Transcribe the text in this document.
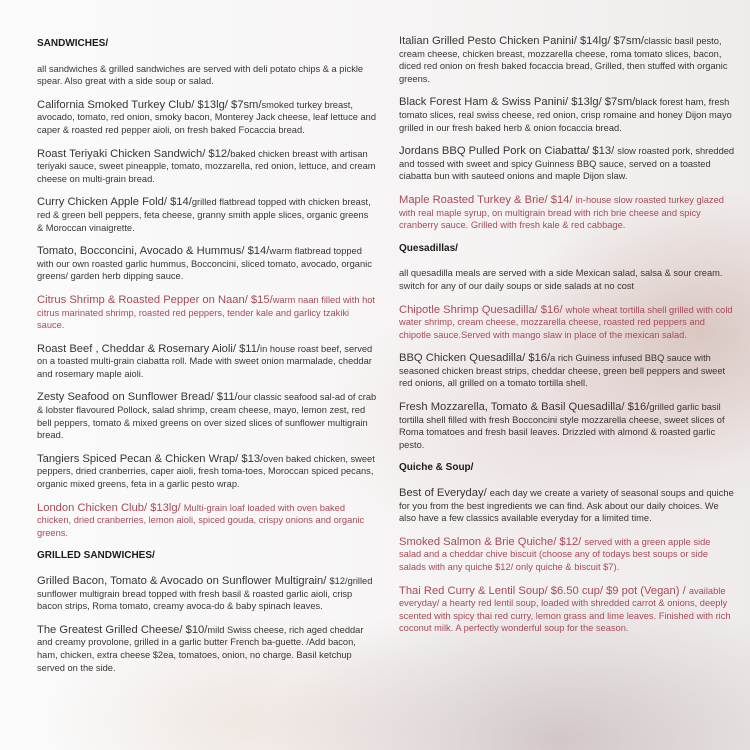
SANDWICHES/
all sandwiches & grilled sandwiches are served with deli potato chips & a pickle spear. Also great with a side soup or salad.
California Smoked Turkey Club/ $13lg/ $7sm/smoked turkey breast, avocado, tomato, red onion, smoky bacon, Monterey Jack cheese, leaf lettuce and caper & roasted red pepper aioli, on fresh baked Focaccia bread.
Roast Teriyaki Chicken Sandwich/ $12/baked chicken breast with artisan teriyaki sauce, sweet pineapple, tomato, mozzarella, red onion, lettuce, and cream cheese on multi-grain bread.
Curry Chicken Apple Fold/ $14/grilled flatbread topped with chicken breast, red & green bell peppers, feta cheese, granny smith apple slices, organic greens & Moroccan vinaigrette.
Tomato, Bocconcini, Avocado & Hummus/ $14/warm flatbread topped with our own roasted garlic hummus, Bocconcini, sliced tomato, avocado, organic greens/ garden herb dipping sauce.
Citrus Shrimp & Roasted Pepper on Naan/ $15/warm naan filled with hot citrus marinated shrimp, roasted red peppers, tender kale and garlicy tzakiki sauce.
Roast Beef , Cheddar & Rosemary Aioli/ $11/in house roast beef, served on a toasted multi-grain ciabatta roll. Made with sweet onion marmalade, cheddar and rosemary maple aioli.
Zesty Seafood on Sunflower Bread/ $11/our classic seafood sal-ad of crab & lobster flavoured Pollock, salad shrimp, cream cheese, mayo, lemon zest, red bell peppers, tomato & mixed greens on over sized slices of sunflower multigrain bread.
Tangiers Spiced Pecan & Chicken Wrap/ $13/oven baked chicken, sweet peppers, dried cranberries, caper aioli, fresh toma-toes, Moroccan spiced pecans, organic mixed greens, feta in a garlic pesto wrap.
London Chicken Club/ $13lg/ Multi-grain loaf loaded with oven baked chicken, dried cranberries, lemon aioli, spiced gouda, crispy onions and organic greens.
GRILLED SANDWICHES/
Grilled Bacon, Tomato & Avocado on Sunflower Multigrain/ $12/grilled sunflower multigrain bread topped with fresh basil & roasted garlic aioli, crisp bacon strips, Roma tomato, creamy avoca-do & baby spinach leaves.
The Greatest Grilled Cheese/ $10/mild Swiss cheese, rich aged cheddar and creamy provolone, grilled in a garlic butter French ba-guette. /Add bacon, ham, chicken, extra cheese $2ea, tomatoes, onion, no charge. Basil ketchup served on the side.
Italian Grilled Pesto Chicken Panini/ $14lg/ $7sm/classic basil pesto, cream cheese, chicken breast, mozzarella cheese, roma tomato slices, bacon, diced red onion on fresh baked focaccia bread, Grilled, then stuffed with organic greens.
Black Forest Ham & Swiss Panini/ $13lg/ $7sm/black forest ham, fresh tomato slices, real swiss cheese, red onion, crisp romaine and honey Dijon mayo grilled in our fresh baked herb & onion focaccia bread.
Jordans BBQ Pulled Pork on Ciabatta/ $13/ slow roasted pork, shredded and tossed with sweet and spicy Guinness BBQ sauce, served on a toasted ciabatta bun with sauteed onions and maple Dijon slaw.
Maple Roasted Turkey & Brie/ $14/ in-house slow roasted turkey glazed with real maple syrup, on multigrain bread with rich brie cheese and spicy cranberry sauce. Grilled with fresh kale & red cabbage.
Quesadillas/
all quesadilla meals are served with a side Mexican salad, salsa & sour cream. switch for any of our daily soups or side salads at no cost
Chipotle Shrimp Quesadilla/ $16/ whole wheat tortilla shell grilled with cold water shrimp, cream cheese, mozzarella cheese, roasted red peppers and chipotle sauce.Served with mango slaw in place of the mexican salad.
BBQ Chicken Quesadilla/ $16/a rich Guiness infused BBQ sauce with seasoned chicken breast strips, cheddar cheese, green bell peppers and sweet red onions, all grilled on a tomato tortilla shell.
Fresh Mozzarella, Tomato & Basil Quesadilla/ $16/grilled garlic basil tortilla shell filled with fresh Bocconcini style mozzarella cheese, sweet slices of Roma tomatoes and fresh basil leaves. Drizzled with almond & roasted garlic pesto.
Quiche & Soup/
Best of Everyday/ each day we create a variety of seasonal soups and quiche for you from the best ingredients we can find. Ask about our daily choices. We also have a few classics available everyday for a limited time.
Smoked Salmon & Brie Quiche/ $12/ served with a green apple side salad and a cheddar chive biscuit (choose any of todays best soups or side salads with any quiche $12/ only quiche & biscuit $7).
Thai Red Curry & Lentil Soup/ $6.50 cup/ $9 pot (Vegan) / available everyday/ a hearty red lentil soup, loaded with shredded carrot & onions, deeply scented with spicy thai red curry, lemon grass and lime leaves. Finished with rich coconut milk. A perfectly wonderful soup for the season.
